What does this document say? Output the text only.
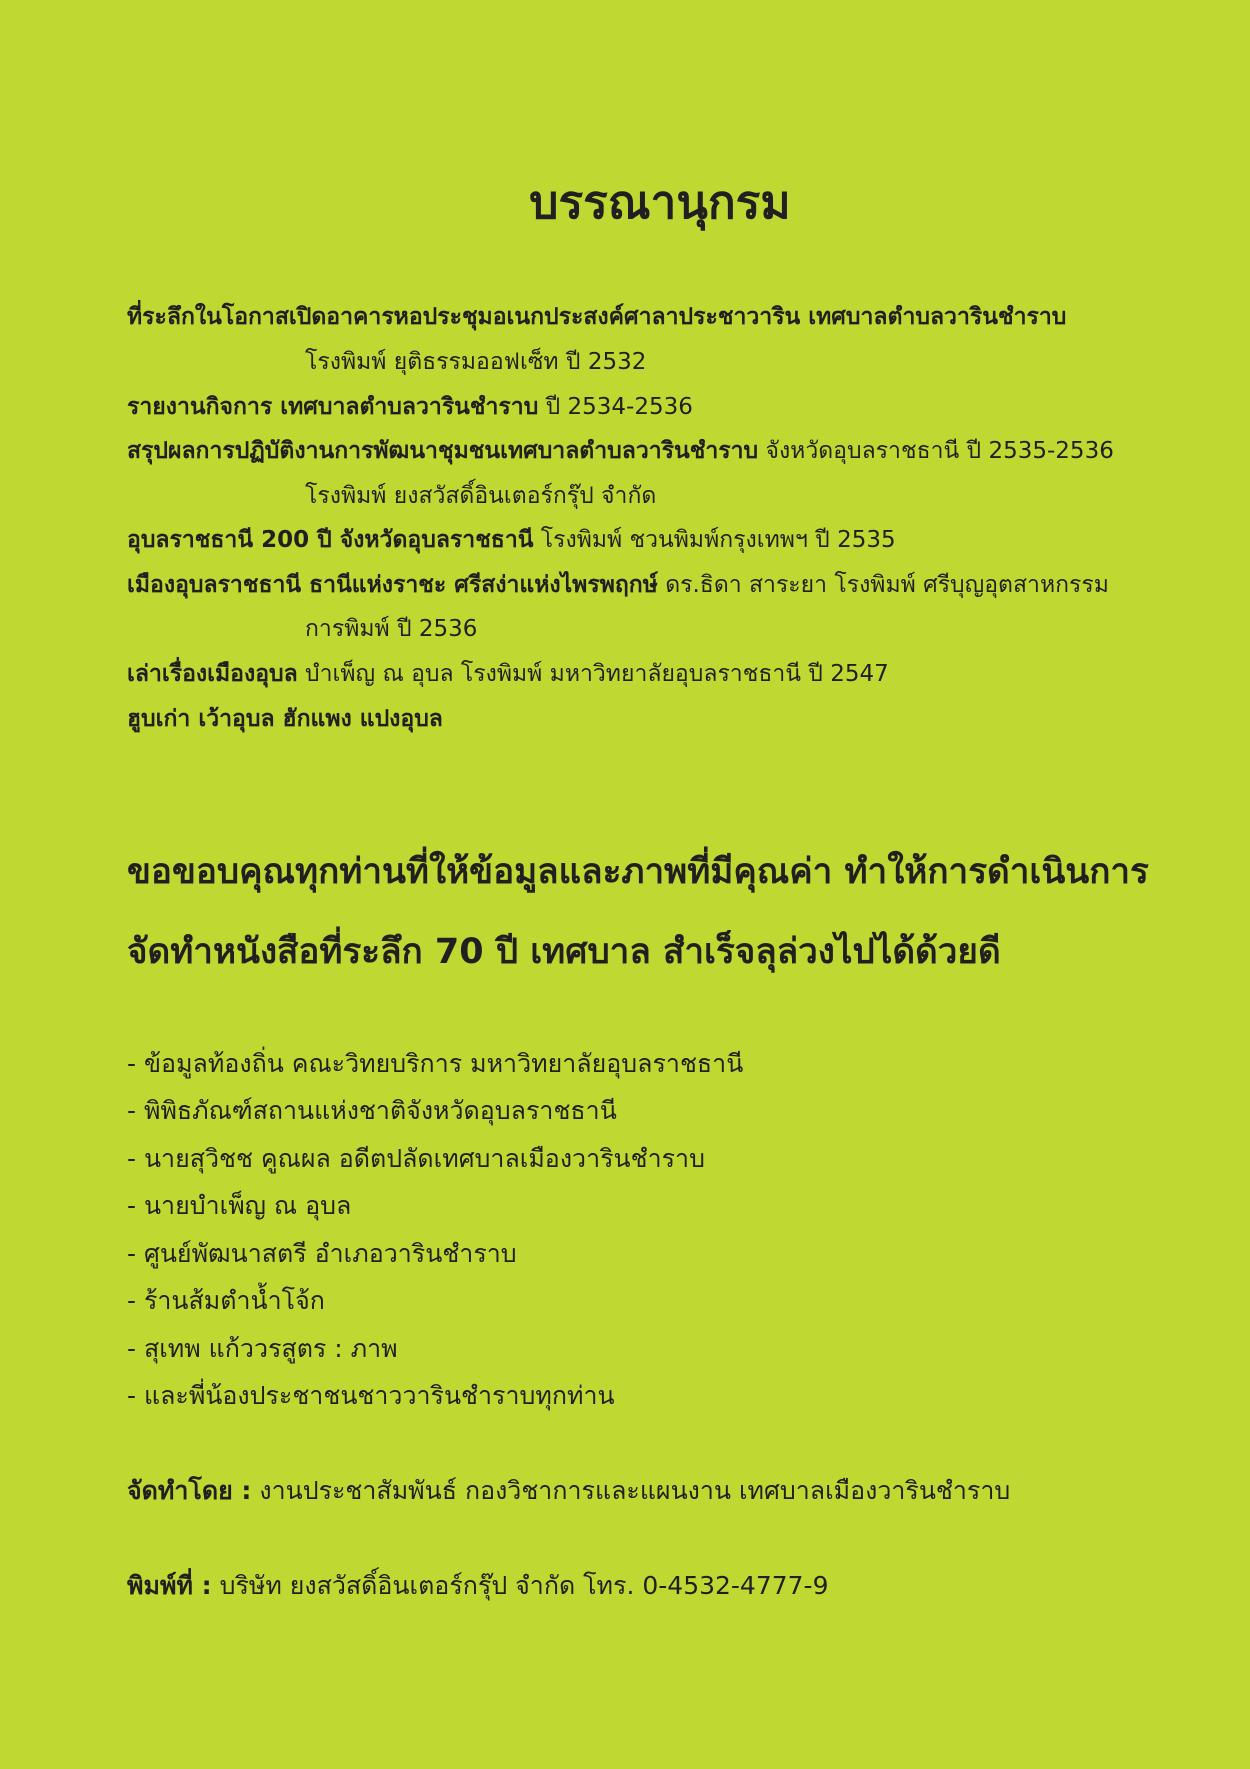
บรรณานุกรม
ที่ระลึกในโอกาสเปิดอาคารหอประชุมอเนกประสงค์ศาลาประชาวาริน เทศบาลตำบลวารินชำราบ
โรงพิมพ์ ยุติธรรมออฟเซ็ท ปี 2532
รายงานกิจการ เทศบาลตำบลวารินชำราบ ปี 2534-2536
สรุปผลการปฏิบัติงานการพัฒนาชุมชนเทศบาลตำบลวารินชำราบ จังหวัดอุบลราชธานี ปี 2535-2536
โรงพิมพ์ ยงสวัสดิ์อินเตอร์กรุ๊ป จำกัด
อุบลราชธานี 200 ปี จังหวัดอุบลราชธานี โรงพิมพ์ ชวนพิมพ์กรุงเทพฯ ปี 2535
เมืองอุบลราชธานี ธานีแห่งราชะ ศรีสง่าแห่งไพรพฤกษ์ ดร.ธิดา สาระยา โรงพิมพ์ ศรีบุญอุตสาหกรรม
การพิมพ์ ปี 2536
เล่าเรื่องเมืองอุบล บำเพ็ญ ณ อุบล โรงพิมพ์ มหาวิทยาลัยอุบลราชธานี ปี 2547
ฮูบเก่า เว้าอุบล ฮักแพง แปงอุบล
ขอขอบคุณทุกท่านที่ให้ข้อมูลและภาพที่มีคุณค่า ทำให้การดำเนินการ
จัดทำหนังสือที่ระลึก 70 ปี เทศบาล สำเร็จลุล่วงไปได้ด้วยดี
- ข้อมูลท้องถิ่น คณะวิทยบริการ มหาวิทยาลัยอุบลราชธานี
- พิพิธภัณฑ์สถานแห่งชาติจังหวัดอุบลราชธานี
- นายสุวิชช คูณผล อดีตปลัดเทศบาลเมืองวารินชำราบ
- นายบำเพ็ญ ณ อุบล
- ศูนย์พัฒนาสตรี อำเภอวารินชำราบ
- ร้านส้มตำน้ำโจ้ก
- สุเทพ แก้ววรสูตร : ภาพ
- และพี่น้องประชาชนชาววารินชำราบทุกท่าน
จัดทำโดย : งานประชาสัมพันธ์ กองวิชาการและแผนงาน เทศบาลเมืองวารินชำราบ
พิมพ์ที่ : บริษัท ยงสวัสดิ์อินเตอร์กรุ๊ป จำกัด โทร. 0-4532-4777-9
